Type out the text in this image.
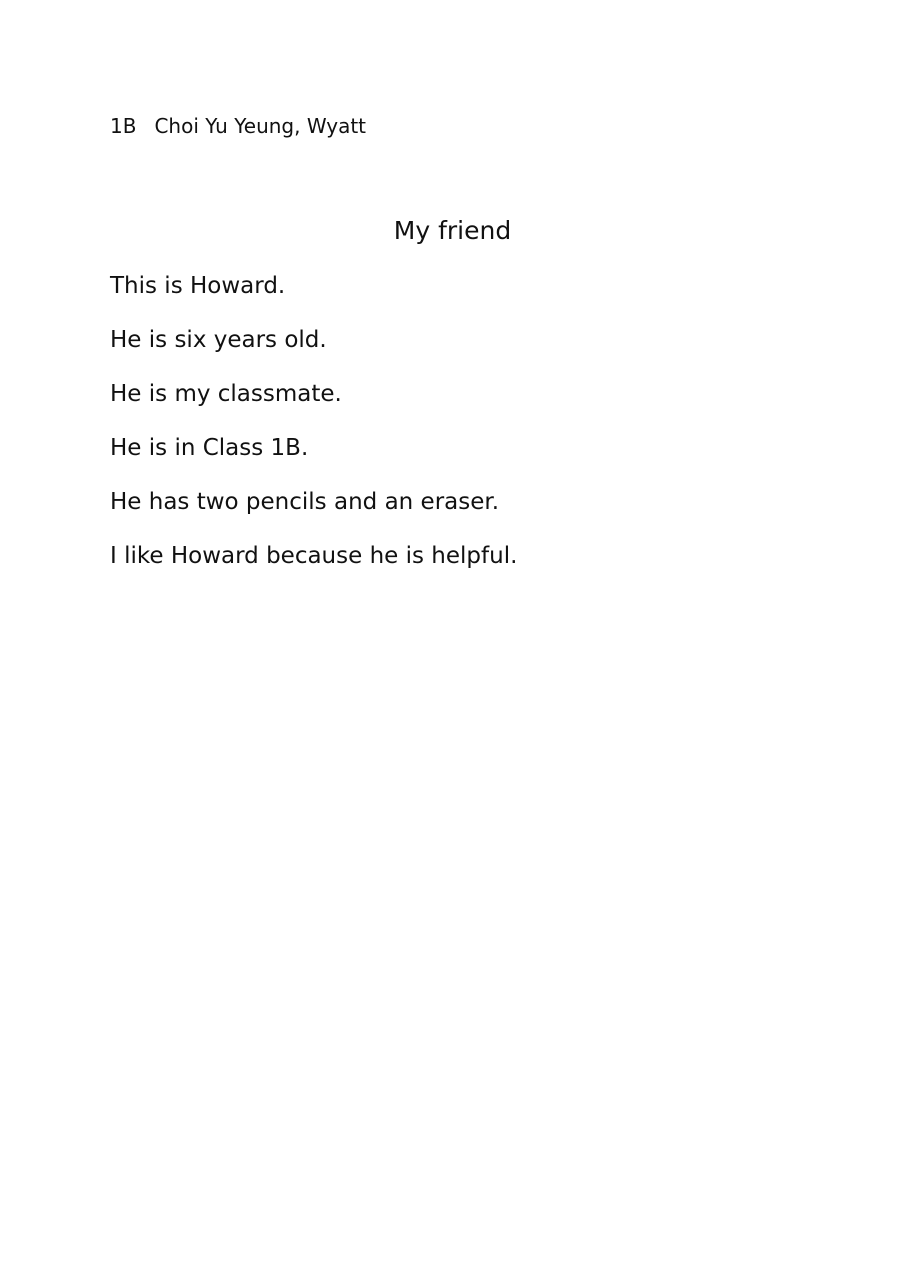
1B Choi Yu Yeung, Wyatt
My friend
This is Howard.
He is six years old.
He is my classmate.
He is in Class 1B.
He has two pencils and an eraser.
I like Howard because he is helpful.
